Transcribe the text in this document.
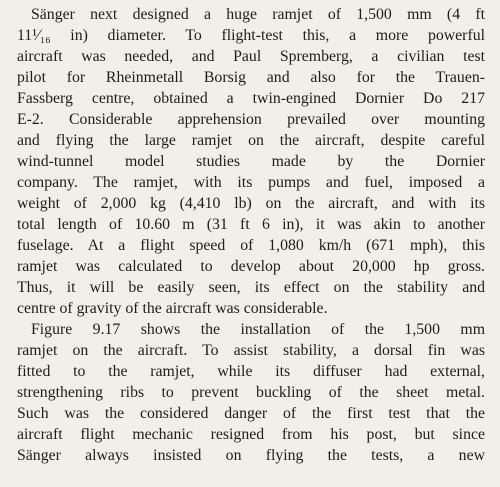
Sänger next designed a huge ramjet of 1,500 mm (4 ft
11¹⁄₁₆ in) diameter. To flight-test this, a more powerful
aircraft was needed, and Paul Spremberg, a civilian test
pilot for Rheinmetall Borsig and also for the Trauen-
Fassberg centre, obtained a twin-engined Dornier Do 217
E-2. Considerable apprehension prevailed over mounting
and flying the large ramjet on the aircraft, despite careful
wind-tunnel model studies made by the Dornier
company. The ramjet, with its pumps and fuel, imposed a
weight of 2,000 kg (4,410 lb) on the aircraft, and with its
total length of 10.60 m (31 ft 6 in), it was akin to another
fuselage. At a flight speed of 1,080 km/h (671 mph), this
ramjet was calculated to develop about 20,000 hp gross.
Thus, it will be easily seen, its effect on the stability and
centre of gravity of the aircraft was considerable.
Figure 9.17 shows the installation of the 1,500 mm
ramjet on the aircraft. To assist stability, a dorsal fin was
fitted to the ramjet, while its diffuser had external,
strengthening ribs to prevent buckling of the sheet metal.
Such was the considered danger of the first test that the
aircraft flight mechanic resigned from his post, but since
Sänger always insisted on flying the tests, a new
